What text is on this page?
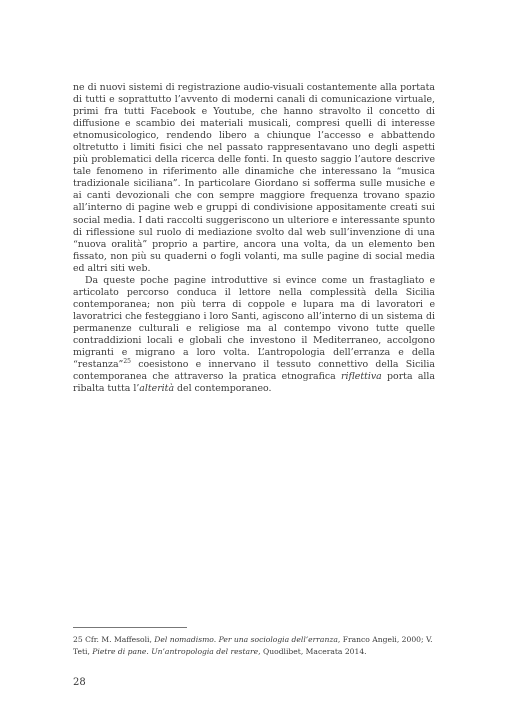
ne di nuovi sistemi di registrazione audio-visuali costantemente alla portata di tutti e soprattutto l’avvento di moderni canali di comunicazione virtuale, primi fra tutti Facebook e Youtube, che hanno stravolto il concetto di diffusione e scambio dei materiali musicali, compresi quelli di interesse etnomusicologico, rendendo libero a chiunque l’accesso e abbattendo oltretutto i limiti fisici che nel passato rappresentavano uno degli aspetti più problematici della ricerca delle fonti. In questo saggio l’autore descrive tale fenomeno in riferimento alle dinamiche che interessano la “musica tradizionale siciliana”. In particolare Giordano si sofferma sulle musiche e ai canti devozionali che con sempre maggiore frequenza trovano spazio all’interno di pagine web e gruppi di condivisione appositamente creati sui social media. I dati raccolti suggeriscono un ulteriore e interessante spunto di riflessione sul ruolo di mediazione svolto dal web sull’invenzione di una “nuova oralità” proprio a partire, ancora una volta, da un elemento ben fissato, non più su quaderni o fogli volanti, ma sulle pagine di social media ed altri siti web.

Da queste poche pagine introduttive si evince come un frastagliato e articolato percorso conduca il lettore nella complessità della Sicilia contemporanea; non più terra di coppole e lupara ma di lavoratori e lavoratrici che festeggiano i loro Santi, agiscono all’interno di un sistema di permanenze culturali e religiose ma al contempo vivono tutte quelle contraddizioni locali e globali che investono il Mediterraneo, accolgono migranti e migrano a loro volta. L’antropologia dell’erranza e della “restanza”$^{25}$ coesistono e innervano il tessuto connettivo della Sicilia contemporanea che attraverso la pratica etnografica riflettiva porta alla ribalta tutta l’alterità del contemporaneo.

25 Cfr. M. Maffesoli, Del nomadismo. Per una sociologia dell’erranza, Franco Angeli, 2000; V. Teti, Pietre di pane. Un’antropologia del restare, Quodlibet, Macerata 2014.
28
